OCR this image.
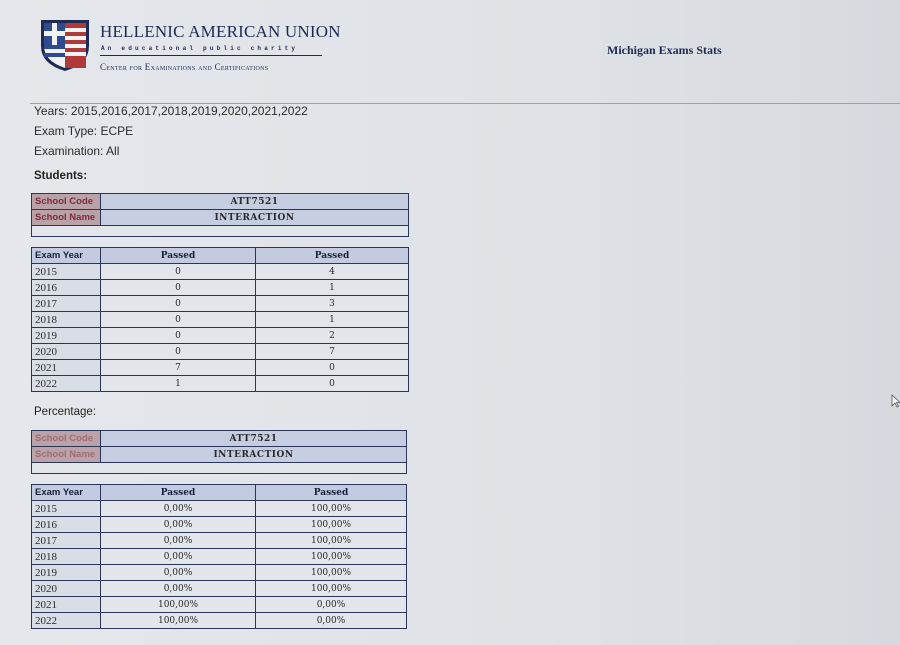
HELLENIC AMERICAN UNION
An educational public charity
Center for Examinations and Certifications
Michigan Exams Stats
Years: 2015,2016,2017,2018,2019,2020,2021,2022
Exam Type: ECPE
Examination: All
Students:
School Code	ATT7521	
School Name	INTERACTION	

Exam Year	Passed	Passed
2015	0	4
2016	0	1
2017	0	3
2018	0	1
2019	0	2
2020	0	7
2021	7	0
2022	1	0
Percentage:
School Code	ATT7521	
School Name	INTERACTION	

Exam Year	Passed	Passed
2015	0,00%	100,00%
2016	0,00%	100,00%
2017	0,00%	100,00%
2018	0,00%	100,00%
2019	0,00%	100,00%
2020	0,00%	100,00%
2021	100,00%	0,00%
2022	100,00%	0,00%
